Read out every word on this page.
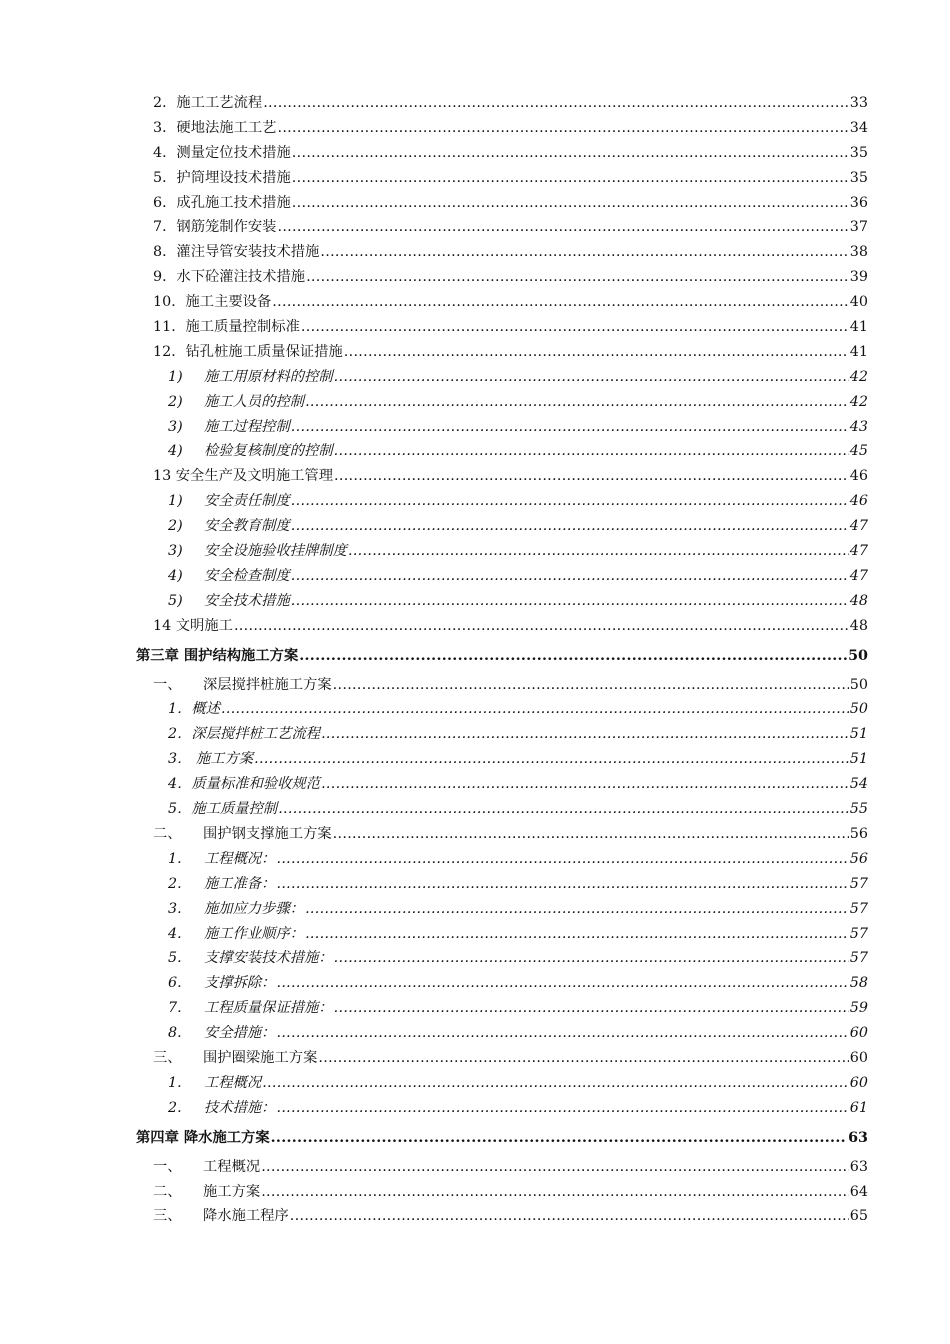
2．施工工艺流程 .....	33
3．硬地法施工工艺 .....	34
4．测量定位技术措施 .....	35
5．护筒埋设技术措施 .....	35
6．成孔施工技术措施 .....	36
7．钢筋笼制作安装 .....	37
8．灌注导管安装技术措施 .....	38
9．水下砼灌注技术措施 .....	39
10．施工主要设备 .....	40
11．施工质量控制标准 .....	41
12．钻孔桩施工质量保证措施 .....	41
1)	施工用原材料的控制 .....	42
2)	施工人员的控制 .....	42
3)	施工过程控制 .....	43
4)	检验复核制度的控制 .....	45
13 安全生产及文明施工管理 .....	46
1)	安全责任制度 .....	46
2)	安全教育制度 .....	47
3)	安全设施验收挂牌制度 .....	47
4)	安全检查制度 .....	47
5)	安全技术措施 .....	48
14 文明施工 .....	48
第三章 围护结构施工方案 .....	50
一、	深层搅拌桩施工方案 .....	50
1．概述 .....	50
2．深层搅拌桩工艺流程 .....	51
3． 施工方案 .....	51
4．质量标准和验收规范 .....	54
5．施工质量控制 .....	55
二、	围护钢支撑施工方案 .....	56
1.	工程概况： .....	56
2.	施工准备： .....	57
3.	施加应力步骤： .....	57
4.	施工作业顺序： .....	57
5.	支撑安装技术措施： .....	57
6.	支撑拆除： .....	58
7.	工程质量保证措施： .....	59
8.	安全措施： .....	60
三、	围护圈梁施工方案 .....	60
1.	工程概况 .....	60
2.	技术措施： .....	61
第四章 降水施工方案 .....	63
一、	工程概况 .....	63
二、	施工方案 .....	64
三、	降水施工程序 .....	65
